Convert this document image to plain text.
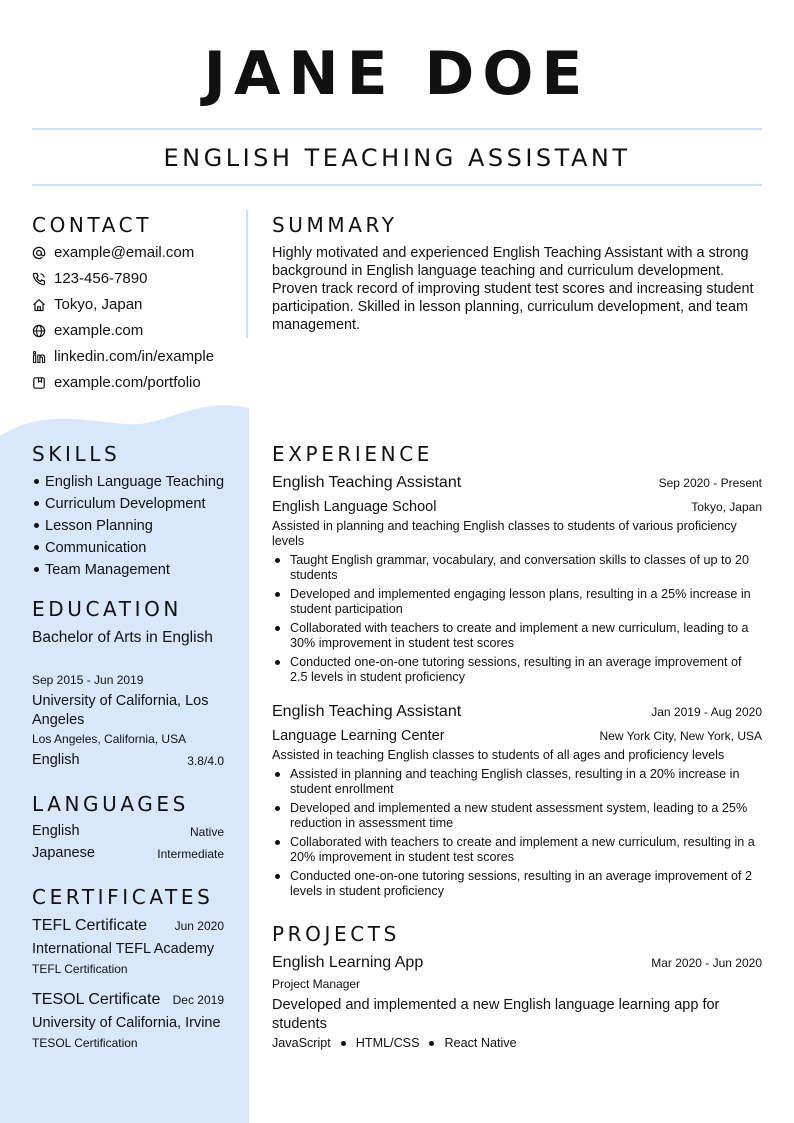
JANE DOE
ENGLISH TEACHING ASSISTANT
CONTACT
example@email.com
123-456-7890
Tokyo, Japan
example.com
linkedin.com/in/example
example.com/portfolio
SUMMARY
Highly motivated and experienced English Teaching Assistant with a strong background in English language teaching and curriculum development. Proven track record of improving student test scores and increasing student participation. Skilled in lesson planning, curriculum development, and team management.
SKILLS
English Language Teaching
Curriculum Development
Lesson Planning
Communication
Team Management
EDUCATION
Bachelor of Arts in English
Sep 2015 - Jun 2019
University of California, Los Angeles
Los Angeles, California, USA
English	3.8/4.0
LANGUAGES
English	Native
Japanese	Intermediate
CERTIFICATES
TEFL Certificate	Jun 2020
International TEFL Academy
TEFL Certification
TESOL Certificate	Dec 2019
University of California, Irvine
TESOL Certification
EXPERIENCE
English Teaching Assistant	Sep 2020 - Present
English Language School	Tokyo, Japan
Assisted in planning and teaching English classes to students of various proficiency levels
Taught English grammar, vocabulary, and conversation skills to classes of up to 20 students
Developed and implemented engaging lesson plans, resulting in a 25% increase in student participation
Collaborated with teachers to create and implement a new curriculum, leading to a 30% improvement in student test scores
Conducted one-on-one tutoring sessions, resulting in an average improvement of 2.5 levels in student proficiency
English Teaching Assistant	Jan 2019 - Aug 2020
Language Learning Center	New York City, New York, USA
Assisted in teaching English classes to students of all ages and proficiency levels
Assisted in planning and teaching English classes, resulting in a 20% increase in student enrollment
Developed and implemented a new student assessment system, leading to a 25% reduction in assessment time
Collaborated with teachers to create and implement a new curriculum, resulting in a 20% improvement in student test scores
Conducted one-on-one tutoring sessions, resulting in an average improvement of 2 levels in student proficiency
PROJECTS
English Learning App	Mar 2020 - Jun 2020
Project Manager
Developed and implemented a new English language learning app for students
JavaScript HTML/CSS React Native
